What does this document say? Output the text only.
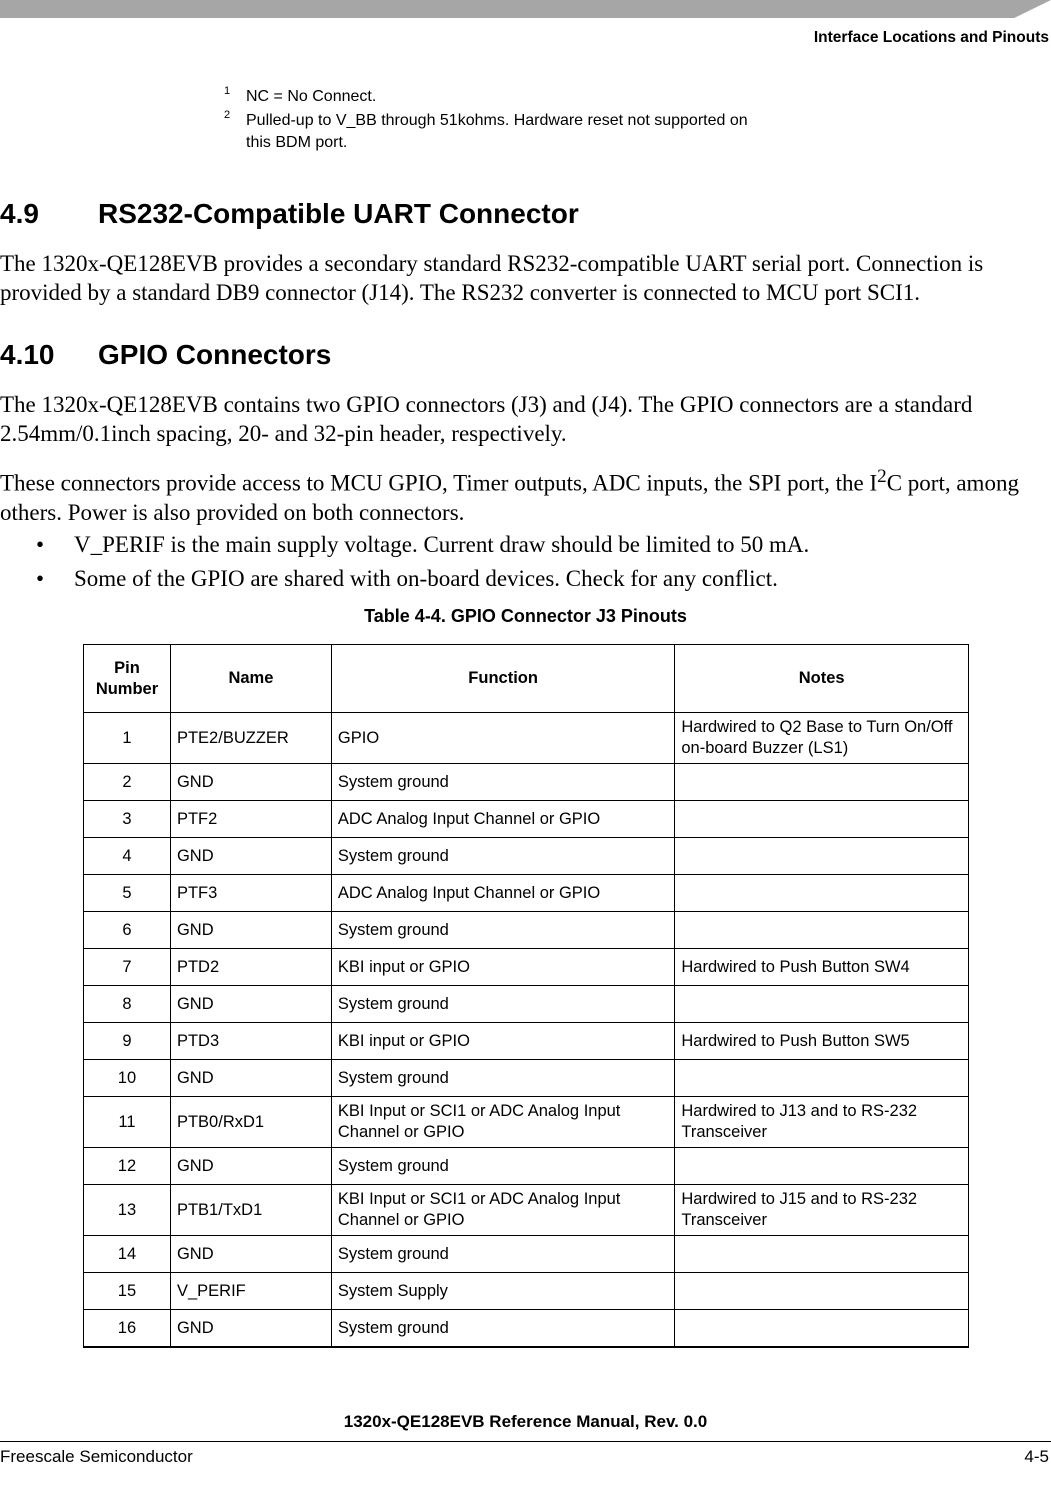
Interface Locations and Pinouts
1 NC = No Connect.
2 Pulled-up to V_BB through 51kohms. Hardware reset not supported on
this BDM port.
4.9 RS232-Compatible UART Connector

The 1320x-QE128EVB provides a secondary standard RS232-compatible UART serial port. Connection is provided by a standard DB9 connector (J14). The RS232 converter is connected to MCU port SCI1.

4.10 GPIO Connectors

The 1320x-QE128EVB contains two GPIO connectors (J3) and (J4). The GPIO connectors are a standard 2.54mm/0.1inch spacing, 20- and 32-pin header, respectively.

These connectors provide access to MCU GPIO, Timer outputs, ADC inputs, the SPI port, the $I^2C$ port, among others. Power is also provided on both connectors.

• V_PERIF is the main supply voltage. Current draw should be limited to 50 mA.
• Some of the GPIO are shared with on-board devices. Check for any conflict.
Table 4-4. GPIO Connector J3 Pinouts
Pin Number	Name	Function	Notes
1	PTE2/BUZZER	GPIO	Hardwired to Q2 Base to Turn On/Off on-board Buzzer (LS1)
2	GND	System ground	
3	PTF2	ADC Analog Input Channel or GPIO	
4	GND	System ground	
5	PTF3	ADC Analog Input Channel or GPIO	
6	GND	System ground	
7	PTD2	KBI input or GPIO	Hardwired to Push Button SW4
8	GND	System ground	
9	PTD3	KBI input or GPIO	Hardwired to Push Button SW5
10	GND	System ground	
11	PTB0/RxD1	KBI Input or SCI1 or ADC Analog Input Channel or GPIO	Hardwired to J13 and to RS-232 Transceiver
12	GND	System ground	
13	PTB1/TxD1	KBI Input or SCI1 or ADC Analog Input Channel or GPIO	Hardwired to J15 and to RS-232 Transceiver
14	GND	System ground	
15	V_PERIF	System Supply	
16	GND	System ground	
1320x-QE128EVB Reference Manual, Rev. 0.0
Freescale Semiconductor	4-5
